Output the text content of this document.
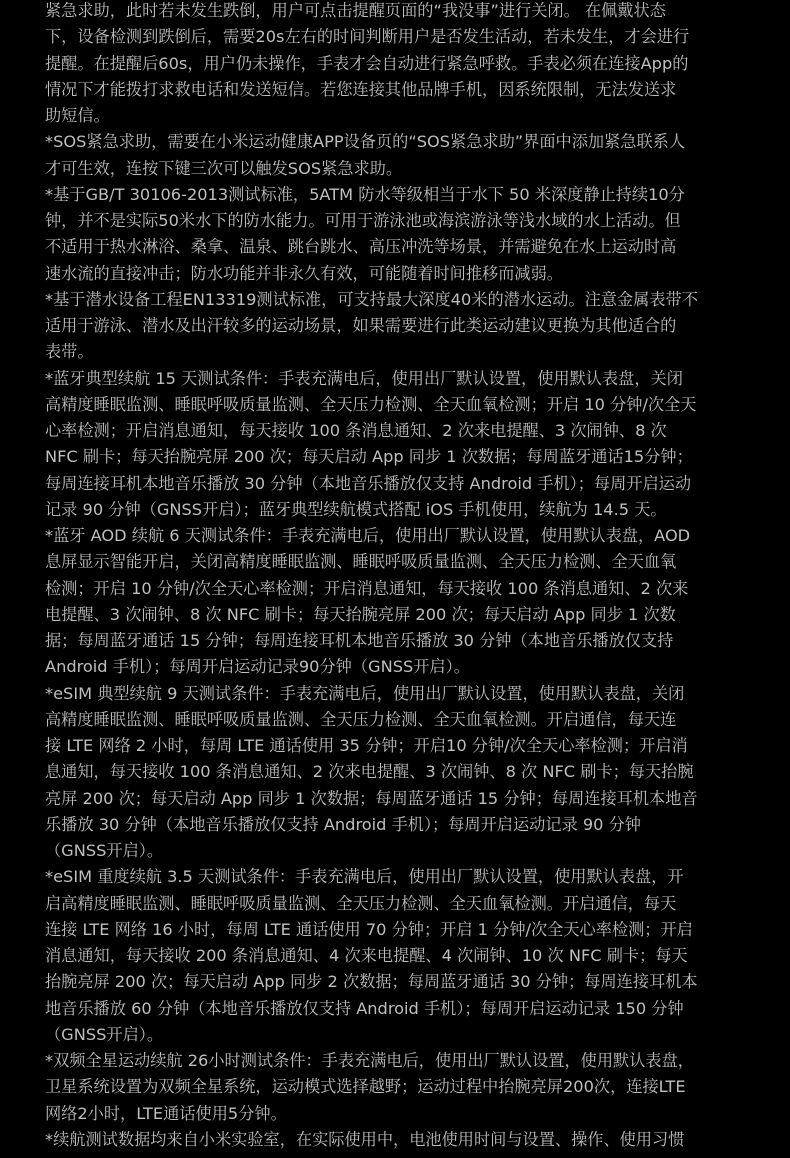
紧急求助，此时若未发生跌倒，用户可点击提醒页面的“我没事”进行关闭。 在佩戴状态
下，设备检测到跌倒后，需要20s左右的时间判断用户是否发生活动，若未发生，才会进行
提醒。在提醒后60s，用户仍未操作，手表才会自动进行紧急呼救。手表必须在连接App的
情况下才能拨打求救电话和发送短信。若您连接其他品牌手机，因系统限制，无法发送求
助短信。
*SOS紧急求助，需要在小米运动健康APP设备页的“SOS紧急求助”界面中添加紧急联系人
才可生效，连按下键三次可以触发SOS紧急求助。
*基于GB/T 30106-2013测试标准，5ATM 防水等级相当于水下 50 米深度静止持续10分
钟，并不是实际50米水下的防水能力。可用于游泳池或海滨游泳等浅水域的水上活动。但
不适用于热水淋浴、桑拿、温泉、跳台跳水、高压冲洗等场景，并需避免在水上运动时高
速水流的直接冲击；防水功能并非永久有效，可能随着时间推移而减弱。
*基于潜水设备工程EN13319测试标准，可支持最大深度40米的潜水运动。注意金属表带不
适用于游泳、潜水及出汗较多的运动场景，如果需要进行此类运动建议更换为其他适合的
表带。
*蓝牙典型续航 15 天测试条件：手表充满电后，使用出厂默认设置，使用默认表盘，关闭
高精度睡眠监测、睡眠呼吸质量监测、全天压力检测、全天血氧检测；开启 10 分钟/次全天
心率检测；开启消息通知，每天接收 100 条消息通知、2 次来电提醒、3 次闹钟、8 次
NFC 刷卡；每天抬腕亮屏 200 次；每天启动 App 同步 1 次数据；每周蓝牙通话15分钟；
每周连接耳机本地音乐播放 30 分钟（本地音乐播放仅支持 Android 手机）；每周开启运动
记录 90 分钟（GNSS开启）；蓝牙典型续航模式搭配 iOS 手机使用，续航为 14.5 天。
*蓝牙 AOD 续航 6 天测试条件：手表充满电后，使用出厂默认设置，使用默认表盘，AOD
息屏显示智能开启，关闭高精度睡眠监测、睡眠呼吸质量监测、全天压力检测、全天血氧
检测；开启 10 分钟/次全天心率检测；开启消息通知，每天接收 100 条消息通知、2 次来
电提醒、3 次闹钟、8 次 NFC 刷卡；每天抬腕亮屏 200 次；每天启动 App 同步 1 次数
据；每周蓝牙通话 15 分钟；每周连接耳机本地音乐播放 30 分钟（本地音乐播放仅支持
Android 手机）；每周开启运动记录90分钟（GNSS开启）。
*eSIM 典型续航 9 天测试条件：手表充满电后，使用出厂默认设置，使用默认表盘，关闭
高精度睡眠监测、睡眠呼吸质量监测、全天压力检测、全天血氧检测。开启通信，每天连
接 LTE 网络 2 小时，每周 LTE 通话使用 35 分钟；开启10 分钟/次全天心率检测；开启消
息通知，每天接收 100 条消息通知、2 次来电提醒、3 次闹钟、8 次 NFC 刷卡；每天抬腕
亮屏 200 次；每天启动 App 同步 1 次数据；每周蓝牙通话 15 分钟；每周连接耳机本地音
乐播放 30 分钟（本地音乐播放仅支持 Android 手机）；每周开启运动记录 90 分钟
（GNSS开启）。
*eSIM 重度续航 3.5 天测试条件：手表充满电后，使用出厂默认设置，使用默认表盘，开
启高精度睡眠监测、睡眠呼吸质量监测、全天压力检测、全天血氧检测。开启通信，每天
连接 LTE 网络 16 小时，每周 LTE 通话使用 70 分钟；开启 1 分钟/次全天心率检测；开启
消息通知，每天接收 200 条消息通知、4 次来电提醒、4 次闹钟、10 次 NFC 刷卡；每天
抬腕亮屏 200 次；每天启动 App 同步 2 次数据；每周蓝牙通话 30 分钟；每周连接耳机本
地音乐播放 60 分钟（本地音乐播放仅支持 Android 手机）；每周开启运动记录 150 分钟
（GNSS开启）。
*双频全星运动续航 26小时测试条件：手表充满电后，使用出厂默认设置，使用默认表盘，
卫星系统设置为双频全星系统，运动模式选择越野；运动过程中抬腕亮屏200次，连接LTE
网络2小时，LTE通话使用5分钟。
*续航测试数据均来自小米实验室，在实际使用中，电池使用时间与设置、操作、使用习惯
